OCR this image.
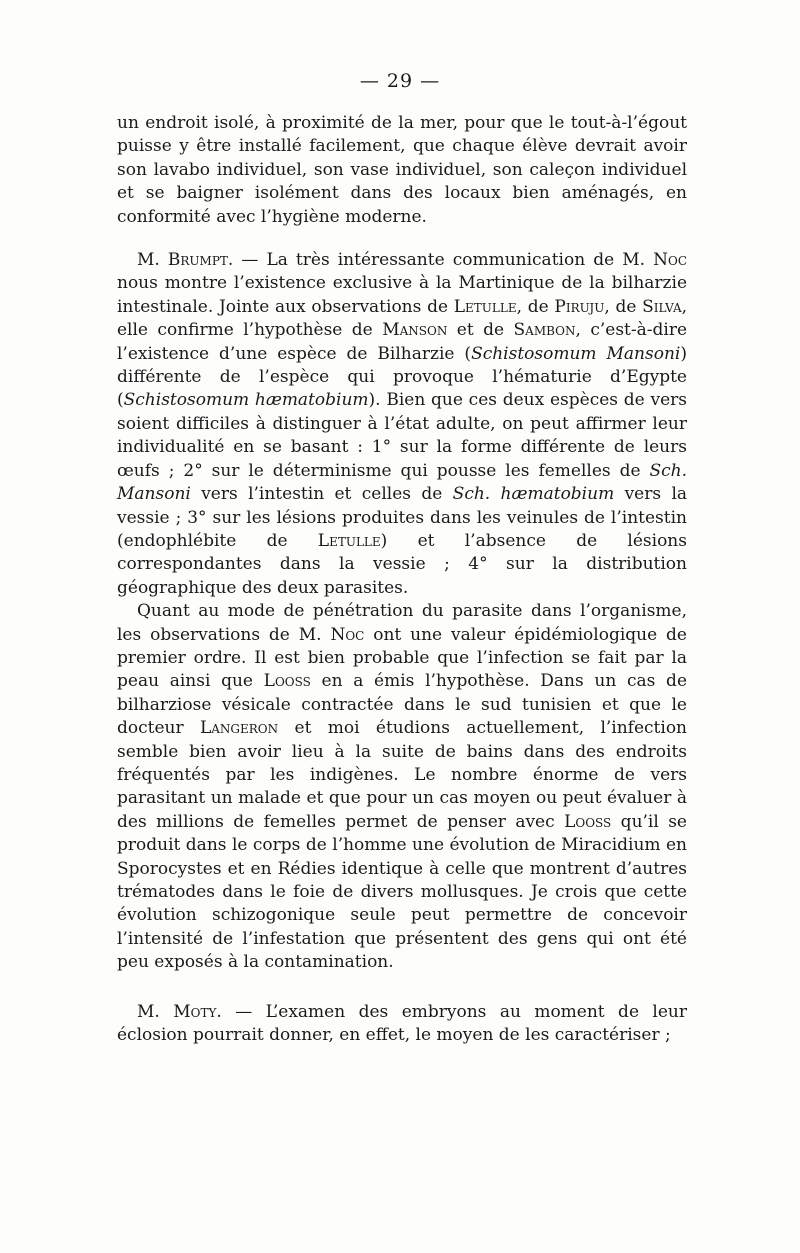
— 29 —

un endroit isolé, à proximité de la mer, pour que le tout-à-l’égout puisse y être installé facilement, que chaque élève devrait avoir son lavabo individuel, son vase individuel, son caleçon individuel et se baigner isolément dans des locaux bien aménagés, en conformité avec l’hygiène moderne.

M. Brumpt. — La très intéressante communication de M. Noc nous montre l’existence exclusive à la Martinique de la bilharzie intestinale. Jointe aux observations de Letulle, de Piruju, de Silva, elle confirme l’hypothèse de Manson et de Sambon, c’est-à-dire l’existence d’une espèce de Bilharzie (Schistosomum Mansoni) différente de l’espèce qui provoque l’hématurie d’Egypte (Schistosomum hæmatobium). Bien que ces deux espèces de vers soient difficiles à distinguer à l’état adulte, on peut affirmer leur individualité en se basant : 1° sur la forme différente de leurs œufs ; 2° sur le déterminisme qui pousse les femelles de Sch. Mansoni vers l’intestin et celles de Sch. hæmatobium vers la vessie ; 3° sur les lésions produites dans les veinules de l’intestin (endophlébite de Letulle) et l’absence de lésions correspondantes dans la vessie ; 4° sur la distribution géographique des deux parasites.

Quant au mode de pénétration du parasite dans l’organisme, les observations de M. Noc ont une valeur épidémiologique de premier ordre. Il est bien probable que l’infection se fait par la peau ainsi que Looss en a émis l’hypothèse. Dans un cas de bilharziose vésicale contractée dans le sud tunisien et que le docteur Langeron et moi étudions actuellement, l’infection semble bien avoir lieu à la suite de bains dans des endroits fréquentés par les indigènes. Le nombre énorme de vers parasitant un malade et que pour un cas moyen ou peut évaluer à des millions de femelles permet de penser avec Looss qu’il se produit dans le corps de l’homme une évolution de Miracidium en Sporocystes et en Rédies identique à celle que montrent d’autres trématodes dans le foie de divers mollusques. Je crois que cette évolution schizogonique seule peut permettre de concevoir l’intensité de l’infestation que présentent des gens qui ont été peu exposés à la contamination.

M. Moty. — L’examen des embryons au moment de leur éclosion pourrait donner, en effet, le moyen de les caractériser ;
